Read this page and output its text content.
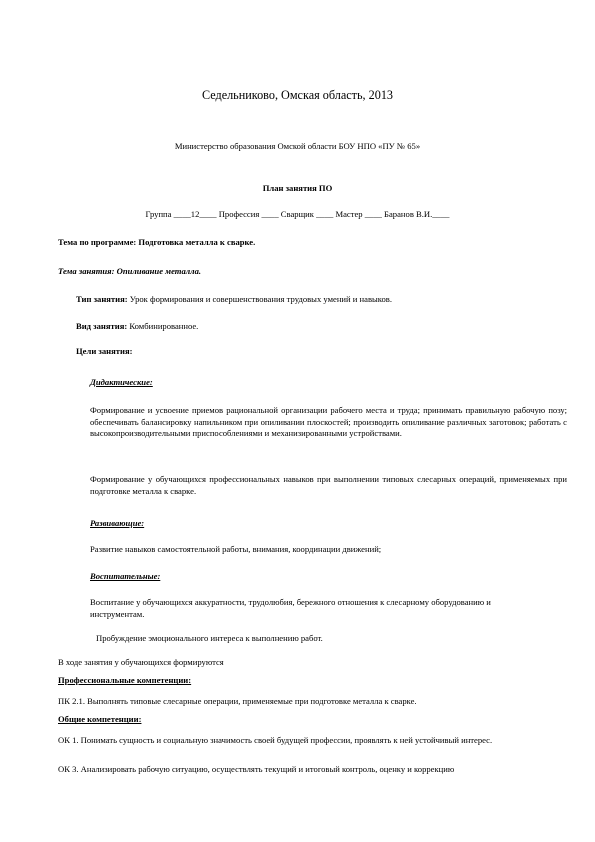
Седельниково, Омская область, 2013

Министерство образования Омской области БОУ НПО «ПУ № 65»

План занятия ПО

Группа ____12____ Профессия ____ Сварщик ____ Мастер ____ Баранов В.И.____

Тема по программе: Подготовка металла к сварке.

Тема занятия: Опиливание металла.

Тип занятия: Урок формирования и совершенствования трудовых умений и навыков.

Вид занятия: Комбинированное.

Цели занятия:

Дидактические:

Формирование и усвоение приемов рациональной организации рабочего места и труда; принимать правильную рабочую позу; обеспечивать балансировку напильником при опиливании плоскостей; производить опиливание различных заготовок; работать с высокопроизводительными приспособлениями и механизированными устройствами.

Формирование у обучающихся профессиональных навыков при выполнении типовых слесарных операций, применяемых при подготовке металла к сварке.

Развивающие:

Развитие навыков самостоятельной работы, внимания, координации движений;

Воспитательные:

Воспитание у обучающихся аккуратности, трудолюбия, бережного отношения к слесарному оборудованию и инструментам.

Пробуждение эмоционального интереса к выполнению работ.

В ходе занятия у обучающихся формируются

Профессиональные компетенции:

ПК 2.1. Выполнять типовые слесарные операции, применяемые при подготовке металла к сварке.

Общие компетенции:

ОК 1. Понимать сущность и социальную значимость своей будущей профессии, проявлять к ней устойчивый интерес.

ОК 3. Анализировать рабочую ситуацию, осуществлять текущий и итоговый контроль, оценку и коррекцию
